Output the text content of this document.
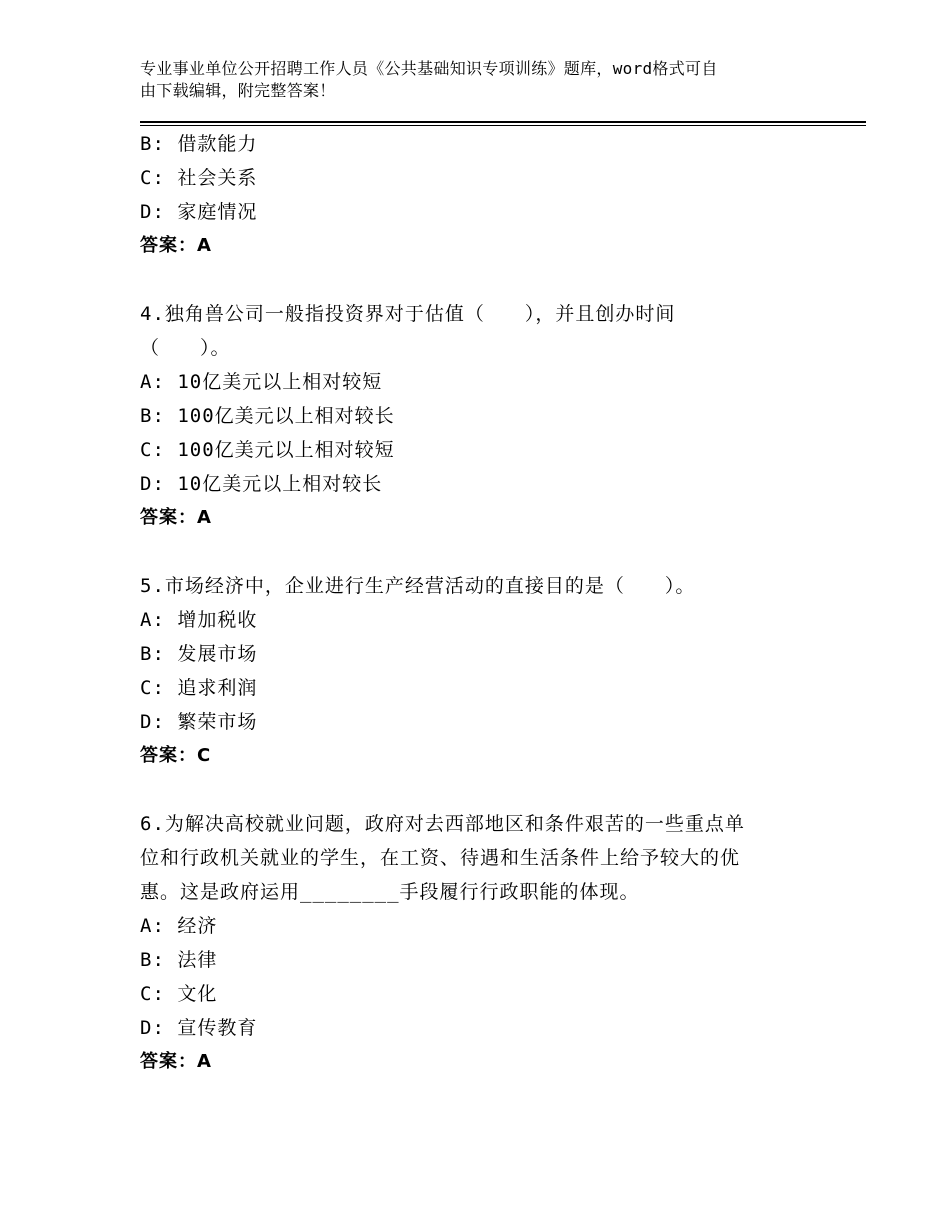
专业事业单位公开招聘工作人员《公共基础知识专项训练》题库，word格式可自
由下载编辑，附完整答案！
B: 借款能力
C: 社会关系
D: 家庭情况
答案：A
4.独角兽公司一般指投资界对于估值（　　），并且创办时间
（　　）。
A: 10亿美元以上相对较短
B: 100亿美元以上相对较长
C: 100亿美元以上相对较短
D: 10亿美元以上相对较长
答案：A
5.市场经济中，企业进行生产经营活动的直接目的是（　　）。
A: 增加税收
B: 发展市场
C: 追求利润
D: 繁荣市场
答案：C
6.为解决高校就业问题，政府对去西部地区和条件艰苦的一些重点单
位和行政机关就业的学生，在工资、待遇和生活条件上给予较大的优
惠。这是政府运用________手段履行行政职能的体现。
A: 经济
B: 法律
C: 文化
D: 宣传教育
答案：A
